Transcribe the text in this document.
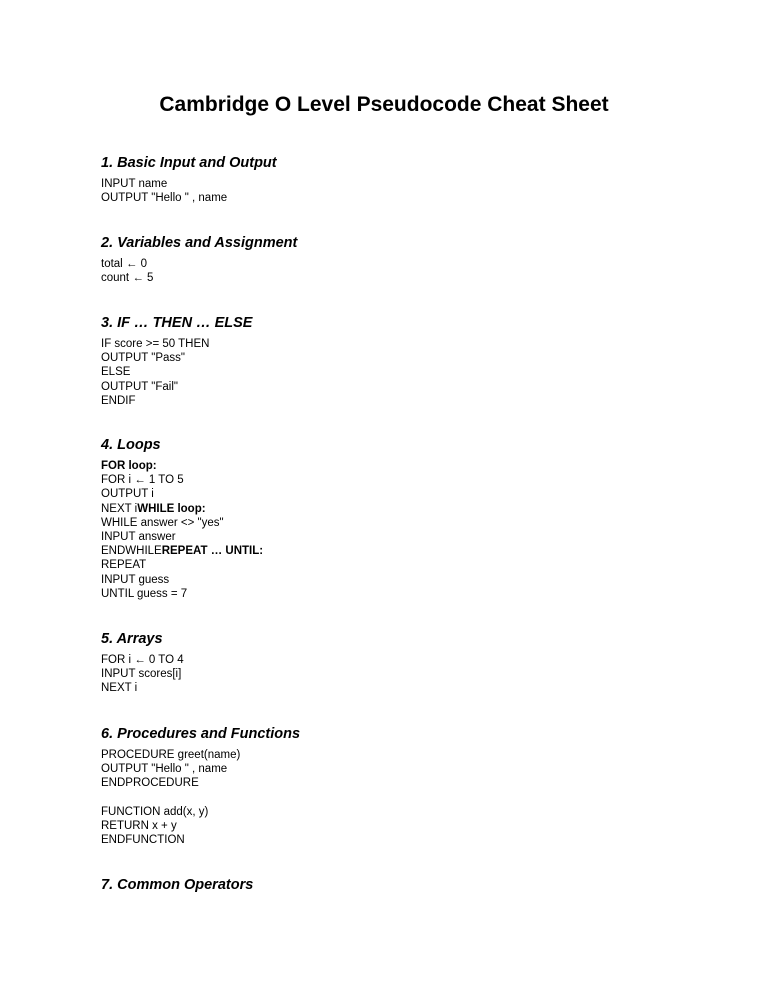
Cambridge O Level Pseudocode Cheat Sheet
1. Basic Input and Output
INPUT name
OUTPUT "Hello " , name
2. Variables and Assignment
total ← 0
count ← 5
3. IF … THEN … ELSE
IF score >= 50 THEN
OUTPUT "Pass"
ELSE
OUTPUT "Fail"
ENDIF
4. Loops
FOR loop:
FOR i ← 1 TO 5
OUTPUT i
NEXT iWHILE loop:
WHILE answer <> "yes"
INPUT answer
ENDWHILEREPEAT … UNTIL:
REPEAT
INPUT guess
UNTIL guess = 7
5. Arrays
FOR i ← 0 TO 4
INPUT scores[i]
NEXT i
6. Procedures and Functions
PROCEDURE greet(name)
OUTPUT "Hello " , name
ENDPROCEDURE
FUNCTION add(x, y)
RETURN x + y
ENDFUNCTION
7. Common Operators
